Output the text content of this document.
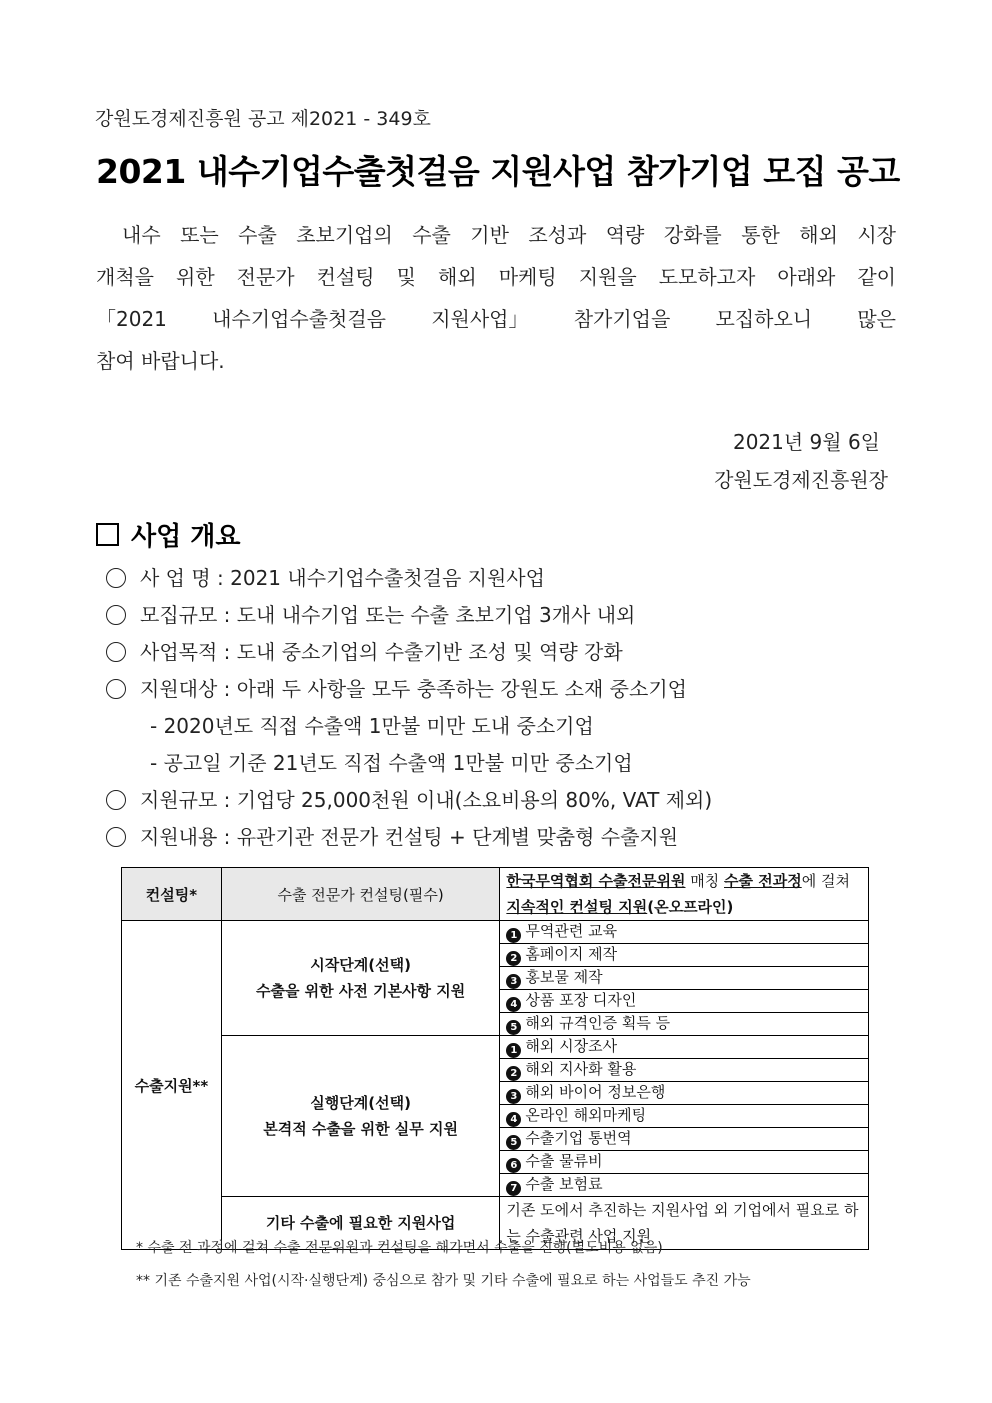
강원도경제진흥원 공고 제2021 - 349호
2021 내수기업수출첫걸음 지원사업 참가기업 모집 공고
내수 또는 수출 초보기업의 수출 기반 조성과 역량 강화를 통한 해외 시장
개척을 위한 전문가 컨설팅 및 해외 마케팅 지원을 도모하고자 아래와 같이
「2021 내수기업수출첫걸음 지원사업」 참가기업을 모집하오니 많은
참여 바랍니다.
2021년 9월 6일
강원도경제진흥원장
사업 개요
사 업 명 : 2021 내수기업수출첫걸음 지원사업
모집규모 : 도내 내수기업 또는 수출 초보기업 3개사 내외
사업목적 : 도내 중소기업의 수출기반 조성 및 역량 강화
지원대상 : 아래 두 사항을 모두 충족하는 강원도 소재 중소기업
- 2020년도 직접 수출액 1만불 미만 도내 중소기업
- 공고일 기준 21년도 직접 수출액 1만불 미만 중소기업
지원규모 : 기업당 25,000천원 이내(소요비용의 80%, VAT 제외)
지원내용 : 유관기관 전문가 컨설팅 + 단계별 맞춤형 수출지원
컨설팅*	수출 전문가 컨설팅(필수)	한국무역협회 수출전문위원 매칭 수출 전과정에 걸쳐 지속적인 컨설팅 지원(온오프라인)
수출지원**	시작단계(선택)
수출을 위한 사전 기본사항 지원	1 무역관련 교육
		2 홈페이지 제작
		3 홍보물 제작
		4 상품 포장 디자인
		5 해외 규격인증 획득 등

	실행단계(선택)
본격적 수출을 위한 실무 지원	1 해외 시장조사
		2 해외 지사화 활용
		3 해외 바이어 정보은행
		4 온라인 해외마케팅
		5 수출기업 통번역
		6 수출 물류비
		7 수출 보험료
	기타 수출에 필요한 지원사업	기존 도에서 추진하는 지원사업 외 기업에서 필요로 하는 수출관련 사업 지원
* 수출 전 과정에 걸쳐 수출 전문위원과 컨설팅을 해가면서 수출을 진행(별도비용 없음)
** 기존 수출지원 사업(시작·실행단계) 중심으로 참가 및 기타 수출에 필요로 하는 사업들도 추진 가능
